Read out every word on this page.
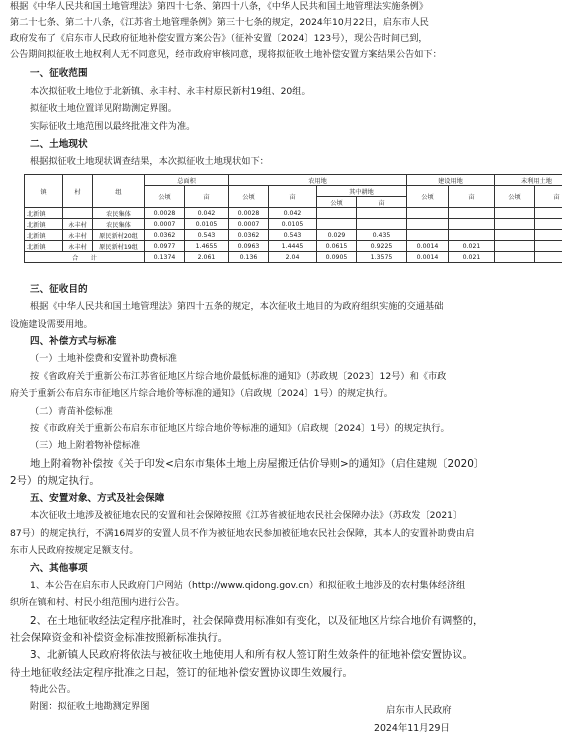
根据《中华人民共和国土地管理法》第四十七条、第四十八条，《中华人民共和国土地管理法实施条例》
第二十七条、第二十八条，《江苏省土地管理条例》第三十七条的规定，2024年10月22日，启东市人民
政府发布了《启东市人民政府征地补偿安置方案公告》（征补安置〔2024〕123号），现公告时间已到，
公告期间拟征收土地权利人无不同意见，经市政府审核同意，现将拟征收土地补偿安置方案结果公告如下：
一、征收范围
本次拟征收土地位于北新镇、永丰村、永丰村原民新村19组、20组。
拟征收土地位置详见附勘测定界图。
实际征收土地范围以最终批准文件为准。
二、土地现状
根据拟征收土地现状调查结果，本次拟征收土地现状如下：
镇	村	组	总面积		农用地				建设用地		未利用土地	
			公顷	亩	公顷	亩	其中耕地		公顷	亩	公顷	亩
							公顷	亩				
北新镇		农民集体	0.0028	0.042	0.0028	0.042						
北新镇	永丰村	农民集体	0.0007	0.0105	0.0007	0.0105						
北新镇	永丰村	原民新村20组	0.0362	0.543	0.0362	0.543	0.029	0.435				
北新镇	永丰村	原民新村19组	0.0977	1.4655	0.0963	1.4445	0.0615	0.9225	0.0014	0.021		
合　　计			0.1374	2.061	0.136	2.04	0.0905	1.3575	0.0014	0.021		
三、征收目的
根据《中华人民共和国土地管理法》第四十五条的规定，本次征收土地目的为政府组织实施的交通基础
设施建设需要用地。
四、补偿方式与标准
（一）土地补偿费和安置补助费标准
按《省政府关于重新公布江苏省征地区片综合地价最低标准的通知》（苏政规〔2023〕12号）和《市政
府关于重新公布启东市征地区片综合地价等标准的通知》（启政规〔2024〕1号）的规定执行。
（二）青苗补偿标准
按《市政府关于重新公布启东市征地区片综合地价等标准的通知》（启政规〔2024〕1号）的规定执行。
（三）地上附着物补偿标准
地上附着物补偿按《关于印发<启东市集体土地上房屋搬迁估价导则>的通知》（启住建规〔2020〕
2号）的规定执行。
五、安置对象、方式及社会保障
本次征收土地涉及被征地农民的安置和社会保障按照《江苏省被征地农民社会保障办法》（苏政发〔2021〕
87号）的规定执行，不满16周岁的安置人员不作为被征地农民参加被征地农民社会保障，其本人的安置补助费由启
东市人民政府按规定足额支付。
六、其他事项
1、本公告在启东市人民政府门户网站（http://www.qidong.gov.cn）和拟征收土地涉及的农村集体经济组
织所在镇和村、村民小组范围内进行公告。
2、在土地征收经法定程序批准时，社会保障费用标准如有变化，以及征地区片综合地价有调整的，
社会保障资金和补偿资金标准按照新标准执行。
3、北新镇人民政府将依法与被征收土地使用人和所有权人签订附生效条件的征地补偿安置协议。
待土地征收经法定程序批准之日起，签订的征地补偿安置协议即生效履行。
特此公告。
附图：拟征收土地勘测定界图	启东市人民政府
2024年11月29日
